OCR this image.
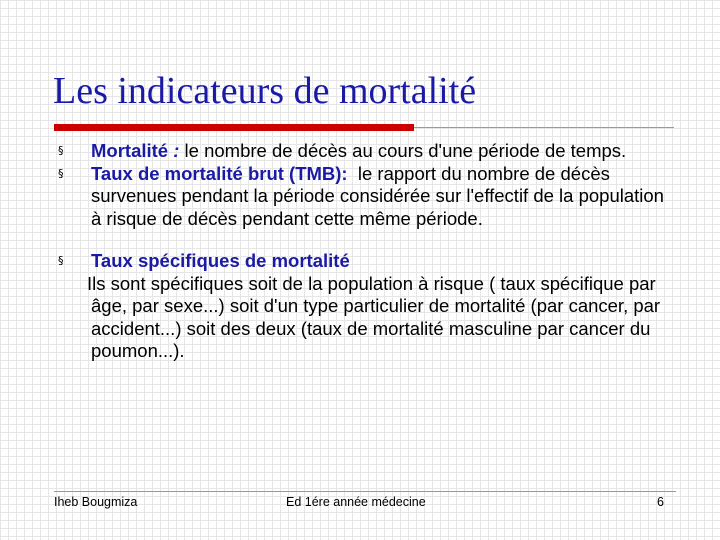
Les indicateurs de mortalité
§ Mortalité : le nombre de décès au cours d'une période de temps.
§ Taux de mortalité brut (TMB):  le rapport du nombre de décès survenues pendant la période considérée sur l'effectif de la population à risque de décès pendant cette même période.
§ Taux spécifiques de mortalité
Ils sont spécifiques soit de la population à risque ( taux spécifique par âge, par sexe...) soit d'un type particulier de mortalité (par cancer, par accident...) soit des deux (taux de mortalité masculine par cancer du poumon...).
Iheb Bougmiza	Ed 1ére année médecine	6
